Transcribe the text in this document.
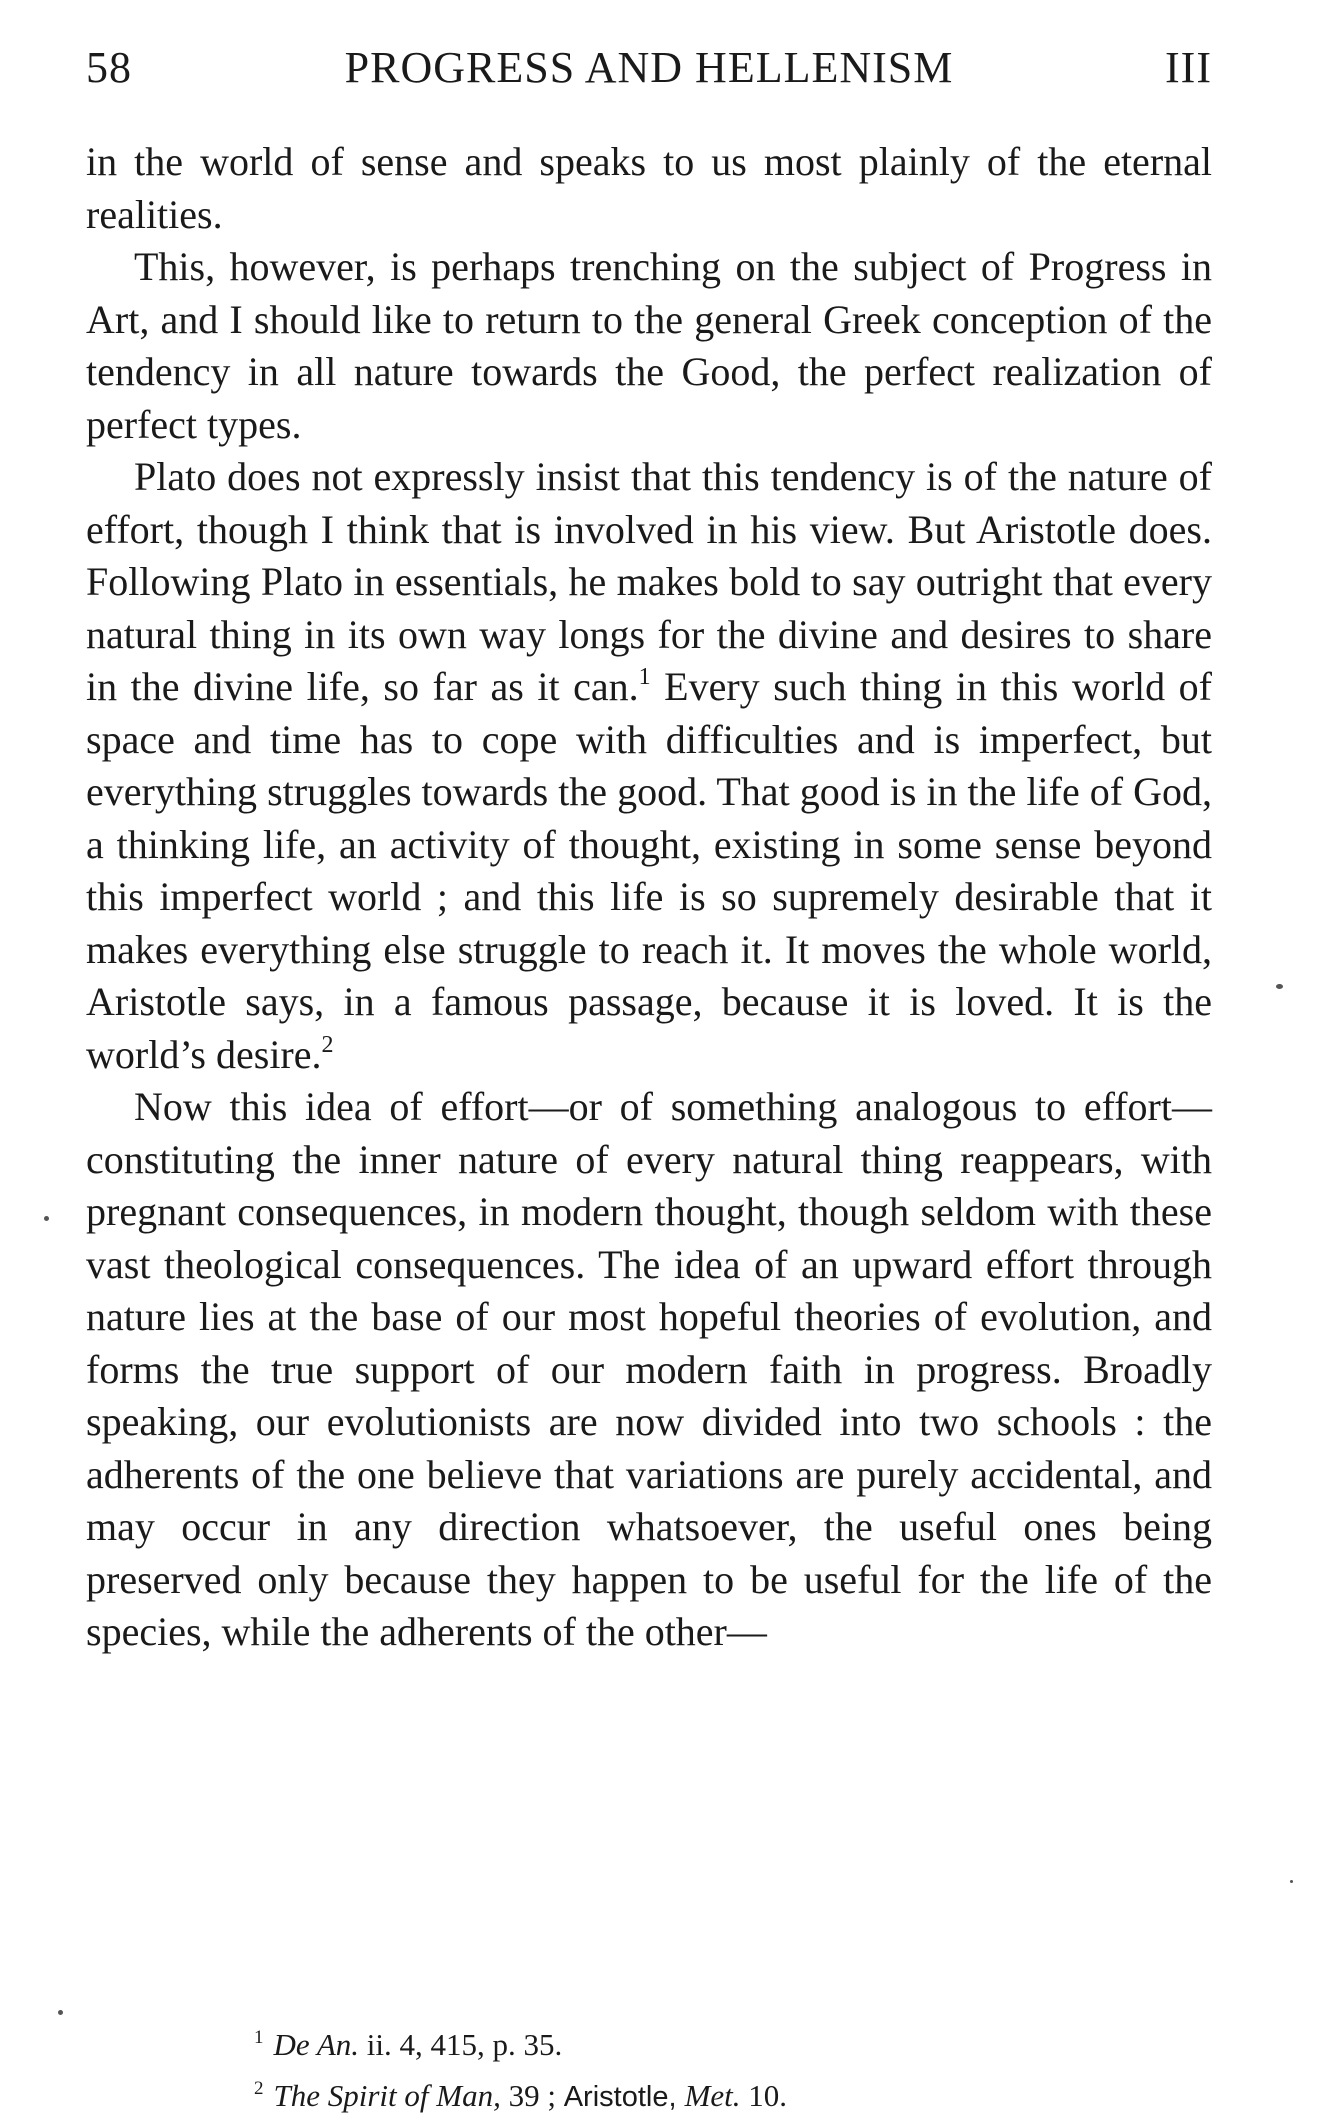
58	PROGRESS AND HELLENISM	III

in the world of sense and speaks to us most plainly of the eternal realities.

This, however, is perhaps trenching on the subject of Progress in Art, and I should like to return to the general Greek conception of the tendency in all nature towards the Good, the perfect realization of perfect types.

Plato does not expressly insist that this tendency is of the nature of effort, though I think that is involved in his view. But Aristotle does. Following Plato in essentials, he makes bold to say outright that every natural thing in its own way longs for the divine and desires to share in the divine life, so far as it can.$^1$ Every such thing in this world of space and time has to cope with difficulties and is imperfect, but everything struggles towards the good. That good is in the life of God, a thinking life, an activity of thought, existing in some sense beyond this imperfect world ; and this life is so supremely desirable that it makes everything else struggle to reach it. It moves the whole world, Aristotle says, in a famous passage, because it is loved. It is the world’s desire.$^2$

Now this idea of effort—or of something analogous to effort—constituting the inner nature of every natural thing reappears, with pregnant consequences, in modern thought, though seldom with these vast theological consequences. The idea of an upward effort through nature lies at the base of our most hopeful theories of evolution, and forms the true support of our modern faith in progress. Broadly speaking, our evolutionists are now divided into two schools : the adherents of the one believe that variations are purely accidental, and may occur in any direction whatsoever, the useful ones being preserved only because they happen to be useful for the life of the species, while the adherents of the other—

$^1$ De An. ii. 4, 415, p. 35.
$^2$ The Spirit of Man, 39 ; Aristotle, Met. 10.
